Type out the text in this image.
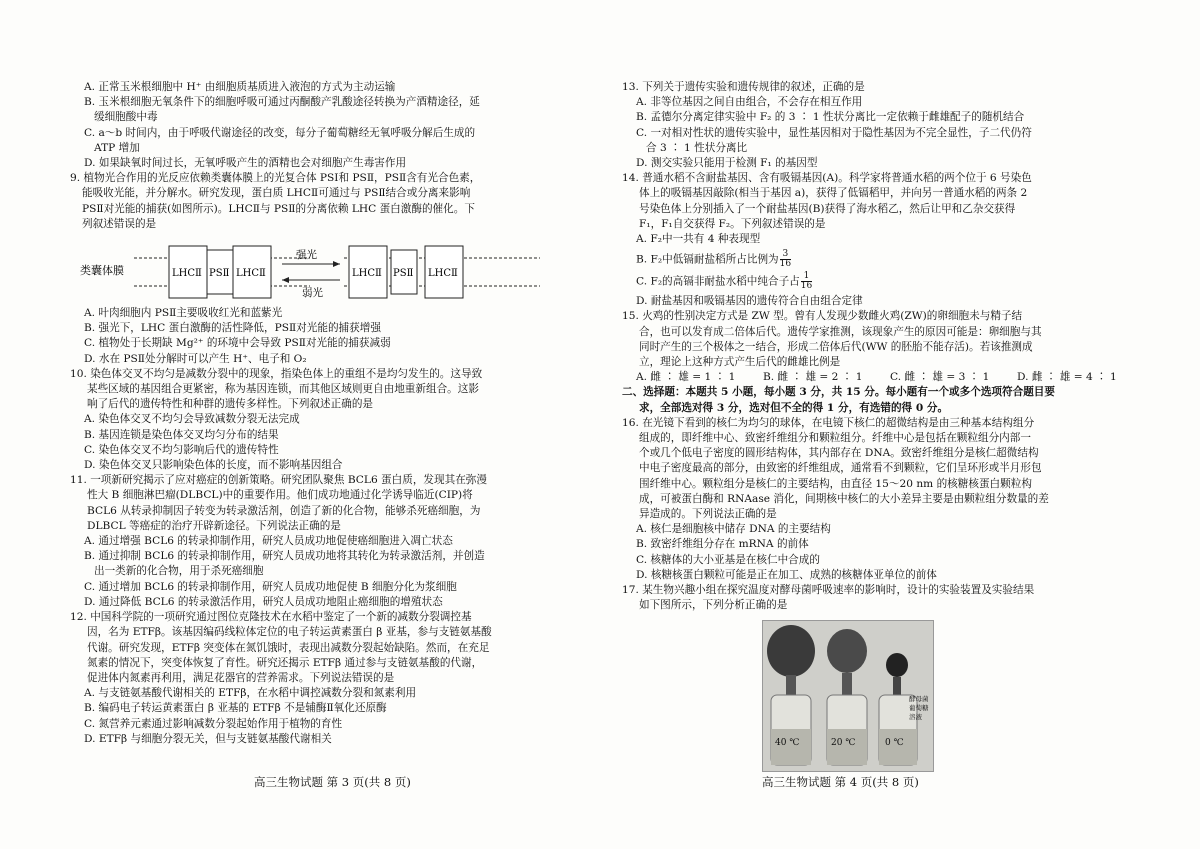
A. 正常玉米根细胞中 H⁺ 由细胞质基质进入液泡的方式为主动运输

B. 玉米根细胞无氧条件下的细胞呼吸可通过丙酮酸产乳酸途径转换为产酒精途径，延

缓细胞酸中毒

C. a～b 时间内，由于呼吸代谢途径的改变，每分子葡萄糖经无氧呼吸分解后生成的

ATP 增加

D. 如果缺氧时间过长，无氧呼吸产生的酒精也会对细胞产生毒害作用

9. 植物光合作用的光反应依赖类囊体膜上的光复合体 PSⅠ和 PSⅡ，PSⅡ含有光合色素，

能吸收光能，并分解水。研究发现，蛋白质 LHCⅡ可通过与 PSⅡ结合或分离来影响

PSⅡ对光能的捕获(如图所示)。LHCⅡ与 PSⅡ的分离依赖 LHC 蛋白激酶的催化。下

列叙述错误的是

类囊体膜	LHCⅡ PSⅡ LHCⅡ
强光
弱光
LHCⅡ PSⅡ LHCⅡ

A. 叶肉细胞内 PSⅡ主要吸收红光和蓝紫光

B. 强光下，LHC 蛋白激酶的活性降低，PSⅡ对光能的捕获增强

C. 植物处于长期缺 Mg²⁺ 的环境中会导致 PSⅡ对光能的捕获减弱

D. 水在 PSⅡ处分解时可以产生 H⁺、电子和 O₂

10. 染色体交叉不均匀是减数分裂中的现象，指染色体上的重组不是均匀发生的。这导致

某些区域的基因组合更紧密，称为基因连锁，而其他区域则更自由地重新组合。这影

响了后代的遗传特性和种群的遗传多样性。下列叙述正确的是

A. 染色体交叉不均匀会导致减数分裂无法完成

B. 基因连锁是染色体交叉均匀分布的结果

C. 染色体交叉不均匀影响后代的遗传特性

D. 染色体交叉只影响染色体的长度，而不影响基因组合

11. 一项新研究揭示了应对癌症的创新策略。研究团队聚焦 BCL6 蛋白质，发现其在弥漫

性大 B 细胞淋巴瘤(DLBCL)中的重要作用。他们成功地通过化学诱导临近(CIP)将

BCL6 从转录抑制因子转变为转录激活剂，创造了新的化合物，能够杀死癌细胞，为

DLBCL 等癌症的治疗开辟新途径。下列说法正确的是

A. 通过增强 BCL6 的转录抑制作用，研究人员成功地促使癌细胞进入凋亡状态

B. 通过抑制 BCL6 的转录抑制作用，研究人员成功地将其转化为转录激活剂，并创造

出一类新的化合物，用于杀死癌细胞

C. 通过增加 BCL6 的转录抑制作用，研究人员成功地促使 B 细胞分化为浆细胞

D. 通过降低 BCL6 的转录激活作用，研究人员成功地阻止癌细胞的增殖状态

12. 中国科学院的一项研究通过图位克隆技术在水稻中鉴定了一个新的减数分裂调控基

因，名为 ETFβ。该基因编码线粒体定位的电子转运黄素蛋白 β 亚基，参与支链氨基酸

代谢。研究发现，ETFβ 突变体在氮饥饿时，表现出减数分裂起始缺陷。然而，在充足

氮素的情况下，突变体恢复了育性。研究还揭示 ETFβ 通过参与支链氨基酸的代谢，

促进体内氮素再利用，满足花器官的营养需求。下列说法错误的是

A. 与支链氨基酸代谢相关的 ETFβ，在水稻中调控减数分裂和氮素利用

B. 编码电子转运黄素蛋白 β 亚基的 ETFβ 不是辅酶Ⅱ氧化还原酶

C. 氮营养元素通过影响减数分裂起始作用于植物的育性

D. ETFβ 与细胞分裂无关，但与支链氨基酸代谢相关

高三生物试题 第 3 页(共 8 页)

13. 下列关于遗传实验和遗传规律的叙述，正确的是

A. 非等位基因之间自由组合，不会存在相互作用

B. 孟德尔分离定律实验中 F₂ 的 3 ∶ 1 性状分离比一定依赖于雌雄配子的随机结合

C. 一对相对性状的遗传实验中，显性基因相对于隐性基因为不完全显性，子二代仍符

合 3 ∶ 1 性状分离比

D. 测交实验只能用于检测 F₁ 的基因型

14. 普通水稻不含耐盐基因、含有吸镉基因(A)。科学家将普通水稻的两个位于 6 号染色

体上的吸镉基因敲除(相当于基因 a)，获得了低镉稻甲，并向另一普通水稻的两条 2

号染色体上分别插入了一个耐盐基因(B)获得了海水稻乙，然后让甲和乙杂交获得

F₁，F₁自交获得 F₂。下列叙述错误的是

A. F₂中一共有 4 种表现型

B. F₂中低镉耐盐稻所占比例为 $\frac{3}{16}$

C. F₂的高镉非耐盐水稻中纯合子占 $\frac{1}{16}$

D. 耐盐基因和吸镉基因的遗传符合自由组合定律

15. 火鸡的性别决定方式是 ZW 型。曾有人发现少数雌火鸡(ZW)的卵细胞未与精子结

合，也可以发育成二倍体后代。遗传学家推测，该现象产生的原因可能是：卵细胞与其

同时产生的三个极体之一结合，形成二倍体后代(WW 的胚胎不能存活)。若该推测成

立，理论上这种方式产生后代的雌雄比例是

A. 雌 ∶ 雄 = 1 ∶ 1	B. 雌 ∶ 雄 = 2 ∶ 1	C. 雌 ∶ 雄 = 3 ∶ 1	D. 雌 ∶ 雄 = 4 ∶ 1

二、选择题：本题共 5 小题，每小题 3 分，共 15 分。每小题有一个或多个选项符合题目要

求，全部选对得 3 分，选对但不全的得 1 分，有选错的得 0 分。

16. 在光镜下看到的核仁为均匀的球体，在电镜下核仁的超微结构是由三种基本结构组分

组成的，即纤维中心、致密纤维组分和颗粒组分。纤维中心是包括在颗粒组分内部一

个或几个低电子密度的圆形结构体，其内部存在 DNA。致密纤维组分是核仁超微结构

中电子密度最高的部分，由致密的纤维组成，通常看不到颗粒，它们呈环形或半月形包

围纤维中心。颗粒组分是核仁的主要结构，由直径 15～20 nm 的核糖核蛋白颗粒构

成，可被蛋白酶和 RNAase 消化，间期核中核仁的大小差异主要是由颗粒组分数量的差

异造成的。下列说法正确的是

A. 核仁是细胞核中储存 DNA 的主要结构

B. 致密纤维组分存在 mRNA 的前体

C. 核糖体的大小亚基是在核仁中合成的

D. 核糖核蛋白颗粒可能是正在加工、成熟的核糖体亚单位的前体

17. 某生物兴趣小组在探究温度对酵母菌呼吸速率的影响时，设计的实验装置及实验结果

如下图所示，下列分析正确的是

40 ℃	20 ℃	0 ℃
酵母菌
葡萄糖
溶液
高三生物试题 第 4 页(共 8 页)
